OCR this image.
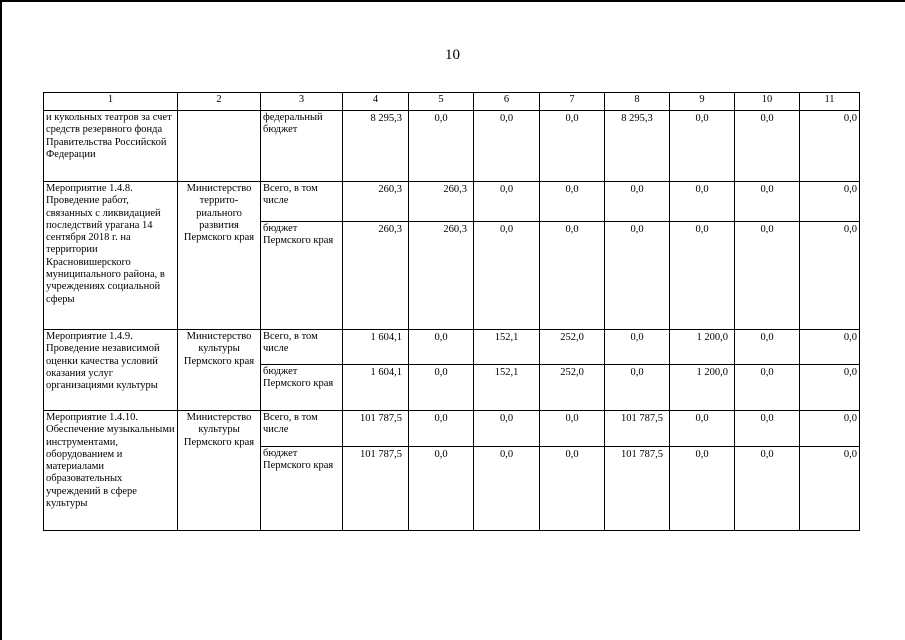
10
1	2	3	4	5	6	7	8	9	10	11
и кукольных театров за счет средств резервного фонда Правительства Российской Федерации		федеральный бюджет	8 295,3	0,0	0,0	0,0	8 295,3	0,0	0,0	0,0
Мероприятие 1.4.8. Проведение работ, связанных с ликвидацией последствий урагана 14 сентября 2018 г. на территории Красновишерского муниципального района, в учреждениях социальной сферы	Министерство террито-риального развития Пермского края	Всего, в том числе	260,3	260,3	0,0	0,0	0,0	0,0	0,0	0,0
		бюджет Пермского края	260,3	260,3	0,0	0,0	0,0	0,0	0,0	0,0
Мероприятие 1.4.9. Проведение независимой оценки качества условий оказания услуг организациями культуры	Министерство культуры Пермского края	Всего, в том числе	1 604,1	0,0	152,1	252,0	0,0	1 200,0	0,0	0,0
		бюджет Пермского края	1 604,1	0,0	152,1	252,0	0,0	1 200,0	0,0	0,0
Мероприятие 1.4.10. Обеспечение музыкальными инструментами, оборудованием и материалами образовательных учреждений в сфере культуры	Министерство культуры Пермского края	Всего, в том числе	101 787,5	0,0	0,0	0,0	101 787,5	0,0	0,0	0,0
		бюджет Пермского края	101 787,5	0,0	0,0	0,0	101 787,5	0,0	0,0	0,0
